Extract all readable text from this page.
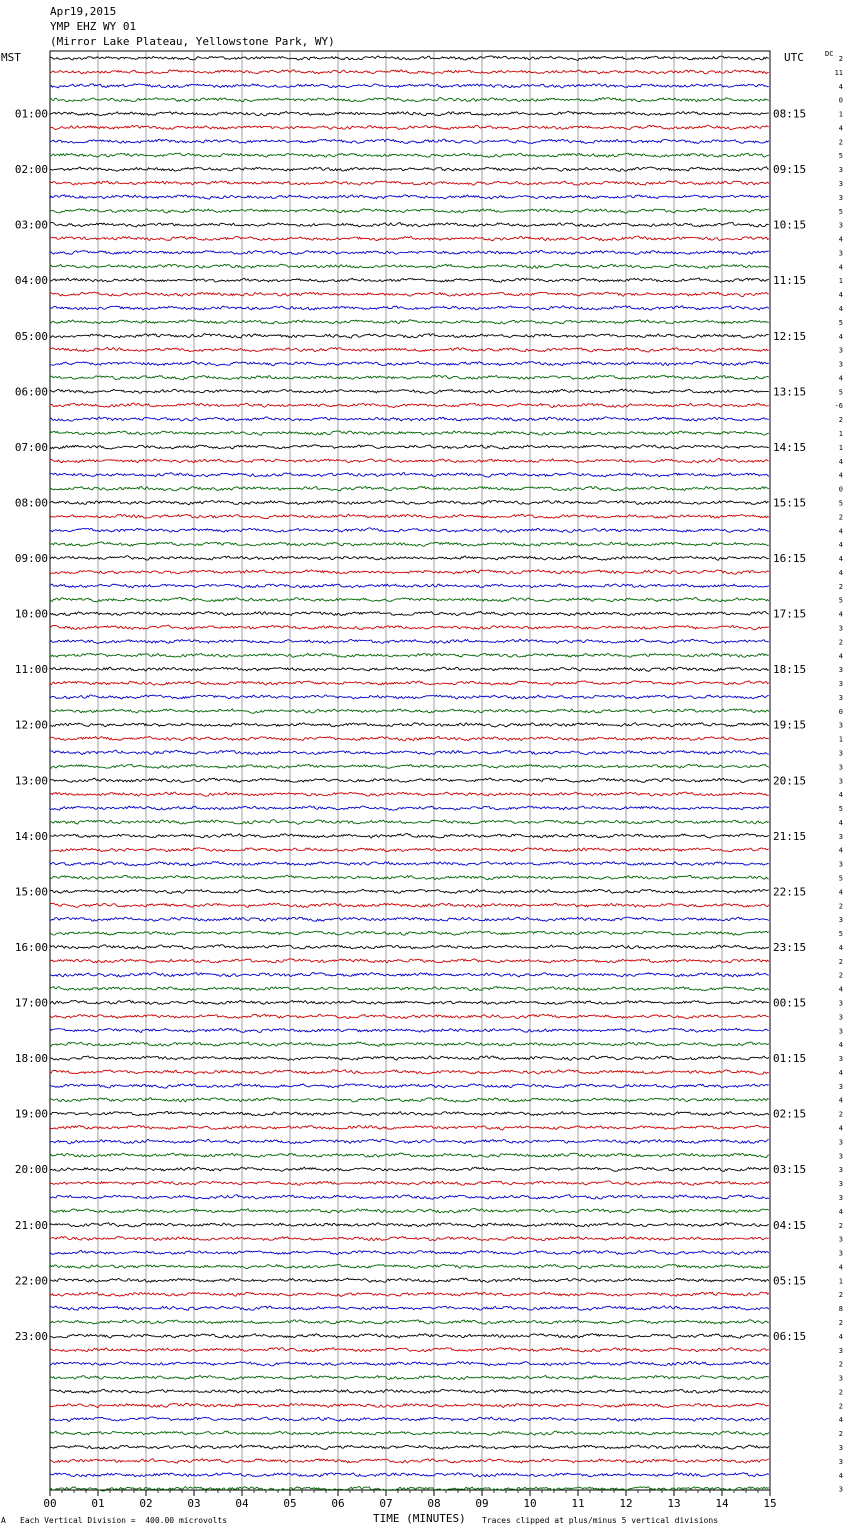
Apr19,2015
YMP EHZ WY 01
(Mirror Lake Plateau, Yellowstone Park, WY)
MST	UTC	DC
01:00
02:00
03:00
04:00
05:00
06:00
07:00
08:00
09:00
10:00
11:00
12:00
13:00
14:00
15:00
16:00
17:00
18:00
19:00
20:00
21:00
22:00
23:00
08:15
09:15
10:15
11:15
12:15
13:15
14:15
15:15
16:15
17:15
18:15
19:15
20:15
21:15
22:15
23:15
00:15
01:15
02:15
03:15
04:15
05:15
06:15
2
11
4
0
1
4
2
5
3
3
3
5
3
4
3
4
1
4
4
5
4
3
3
4
5
-6
2
1
1
4
4
0
5
2
4
4
4
4
2
5
4
3
2
4
3
3
3
0
3
1
3
3
3
4
5
4
3
4
3
5
4
2
3
5
4
2
2
4
3
3
3
4
3
4
3
4
2
4
3
3
3
3
3
4
2
3
3
4
1
2
8
2
4
3
2
3
2
2
4
2
3
3
4
3
00	01	02	03	04	05	06	07	08	09	10	11	12	13	14	15
A Each Vertical Division =  400.00 microvolts	TIME (MINUTES) Traces clipped at plus/minus 5 vertical divisions
